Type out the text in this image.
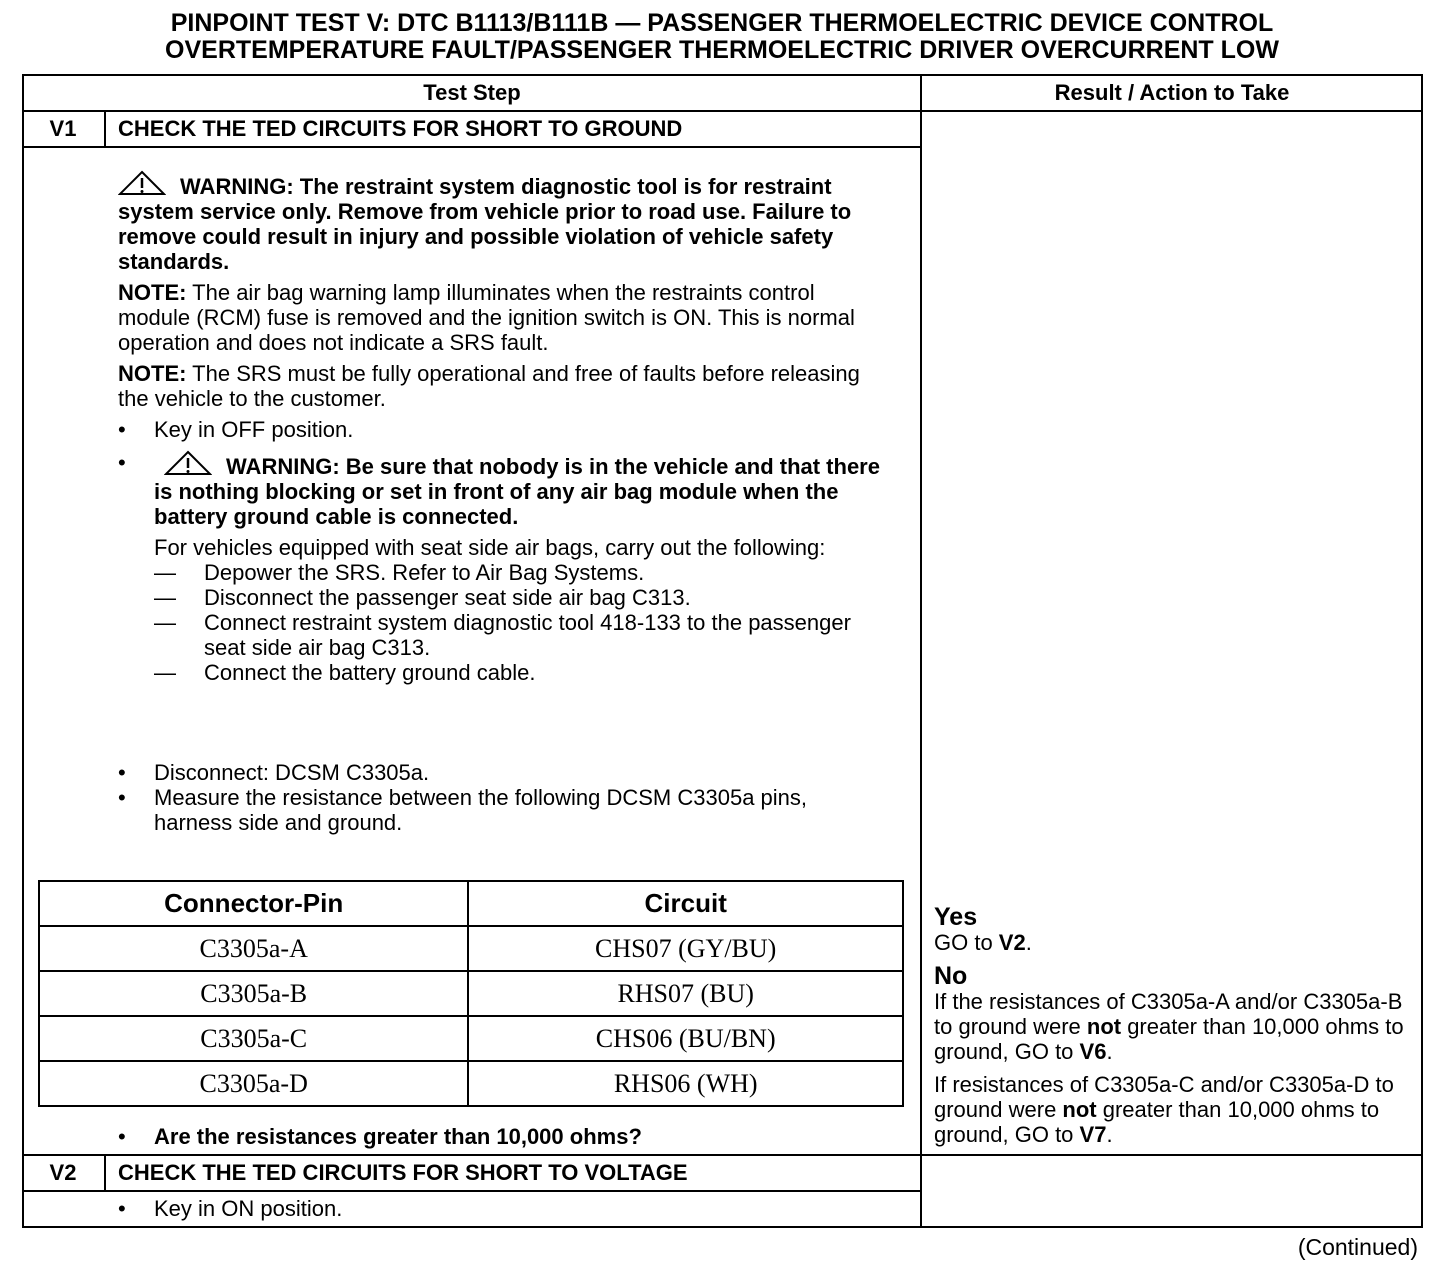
PINPOINT TEST V: DTC B1113/B111B — PASSENGER THERMOELECTRIC DEVICE CONTROL
OVERTEMPERATURE FAULT/PASSENGER THERMOELECTRIC DRIVER OVERCURRENT LOW
Test Step	Result / Action to Take
V1	CHECK THE TED CIRCUITS FOR SHORT TO GROUND
WARNING: The restraint system diagnostic tool is for restraint system service only. Remove from vehicle prior to road use. Failure to remove could result in injury and possible violation of vehicle safety standards.
NOTE: The air bag warning lamp illuminates when the restraints control module (RCM) fuse is removed and the ignition switch is ON. This is normal operation and does not indicate a SRS fault.
NOTE: The SRS must be fully operational and free of faults before releasing the vehicle to the customer.
• Key in OFF position.
•	WARNING: Be sure that nobody is in the vehicle and that there is nothing blocking or set in front of any air bag module when the battery ground cable is connected.
For vehicles equipped with seat side air bags, carry out the following:
— Depower the SRS. Refer to Air Bag Systems.
— Disconnect the passenger seat side air bag C313.
— Connect restraint system diagnostic tool 418-133 to the passenger seat side air bag C313.
— Connect the battery ground cable.
• Disconnect: DCSM C3305a.
• Measure the resistance between the following DCSM C3305a pins, harness side and ground.
Connector-Pin	Circuit
C3305a-A	CHS07 (GY/BU)
C3305a-B	RHS07 (BU)
C3305a-C	CHS06 (BU/BN)
C3305a-D	RHS06 (WH)
• Are the resistances greater than 10,000 ohms?
Yes
GO to V2.
No
If the resistances of C3305a-A and/or C3305a-B to ground were not greater than 10,000 ohms to ground, GO to V6.
If resistances of C3305a-C and/or C3305a-D to ground were not greater than 10,000 ohms to ground, GO to V7.
V2	CHECK THE TED CIRCUITS FOR SHORT TO VOLTAGE
• Key in ON position.
(Continued)
